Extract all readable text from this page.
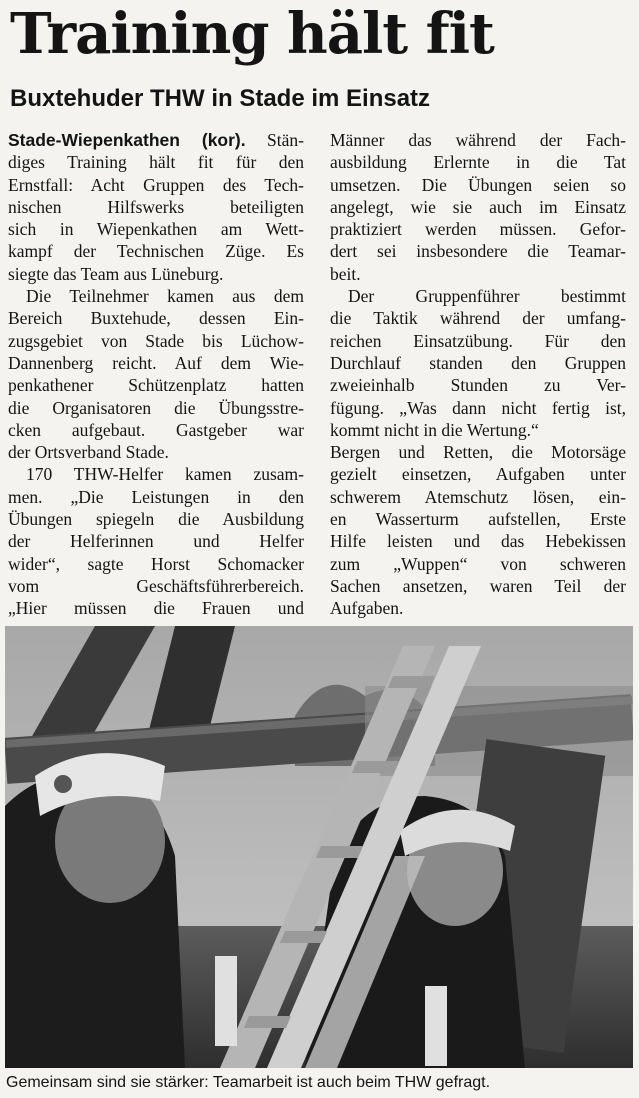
Training hält fit
Buxtehuder THW in Stade im Einsatz

Stade-Wiepenkathen (kor). Stän-

diges Training hält fit für den

Ernstfall: Acht Gruppen des Tech-

nischen Hilfswerks beteiligten

sich in Wiepenkathen am Wett-

kampf der Technischen Züge. Es

siegte das Team aus Lüneburg.

Die Teilnehmer kamen aus dem

Bereich Buxtehude, dessen Ein-

zugsgebiet von Stade bis Lüchow-

Dannenberg reicht. Auf dem Wie-

penkathener Schützenplatz hatten

die Organisatoren die Übungsstre-

cken aufgebaut. Gastgeber war

der Ortsverband Stade.

170 THW-Helfer kamen zusam-

men. „Die Leistungen in den

Übungen spiegeln die Ausbildung

der Helferinnen und Helfer

wider“, sagte Horst Schomacker

vom Geschäftsführerbereich.

„Hier müssen die Frauen und

Männer das während der Fach-

ausbildung Erlernte in die Tat

umsetzen. Die Übungen seien so

angelegt, wie sie auch im Einsatz

praktiziert werden müssen. Gefor-

dert sei insbesondere die Teamar-

beit.

Der Gruppenführer bestimmt

die Taktik während der umfang-

reichen Einsatzübung. Für den

Durchlauf standen den Gruppen

zweieinhalb Stunden zu Ver-

fügung. „Was dann nicht fertig ist,

kommt nicht in die Wertung.“

Bergen und Retten, die Motorsäge

gezielt einsetzen, Aufgaben unter

schwerem Atemschutz lösen, ein-

en Wasserturm aufstellen, Erste

Hilfe leisten und das Hebekissen

zum „Wuppen“ von schweren

Sachen ansetzen, waren Teil der

Aufgaben.

Gemeinsam sind sie stärker: Teamarbeit ist auch beim THW gefragt.
